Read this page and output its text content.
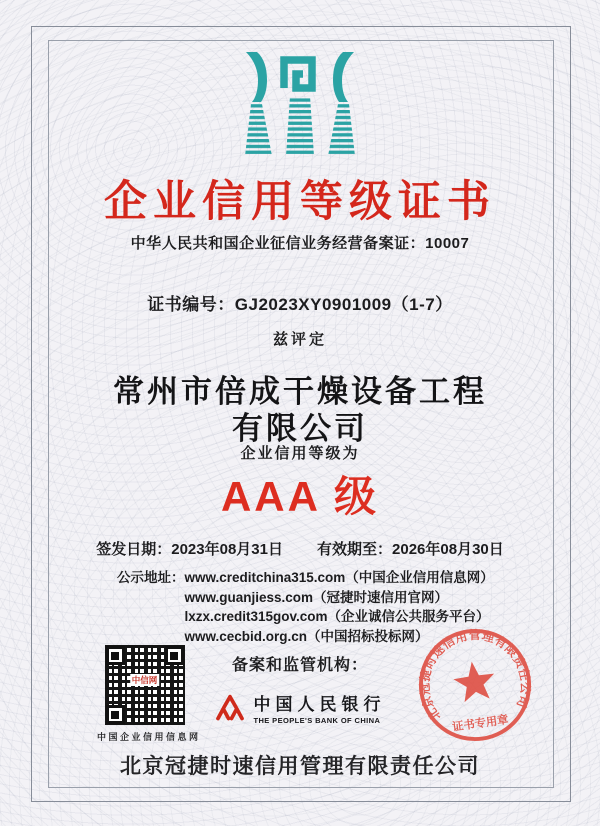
企业信用等级证书
中华人民共和国企业征信业务经营备案证：10007
证书编号：GJ2023XY0901009（1-7）
兹评定
常州市倍成干燥设备工程
有限公司
企业信用等级为
AAA 级
签发日期：2023年08月31日 有效期至：2026年08月30日
公示地址： www.creditchina315.com（中国企业信用信息网）
www.guanjiess.com（冠捷时速信用官网）
lxzx.credit315gov.com（企业诚信公共服务平台）
www.cecbid.org.cn（中国招标投标网）
中信网
中国企业信用信息网
备案和监管机构：
中国人民银行
THE PEOPLE'S BANK OF CHINA	北京冠捷时速信用管理有限责任公司
证书专用章
北京冠捷时速信用管理有限责任公司
